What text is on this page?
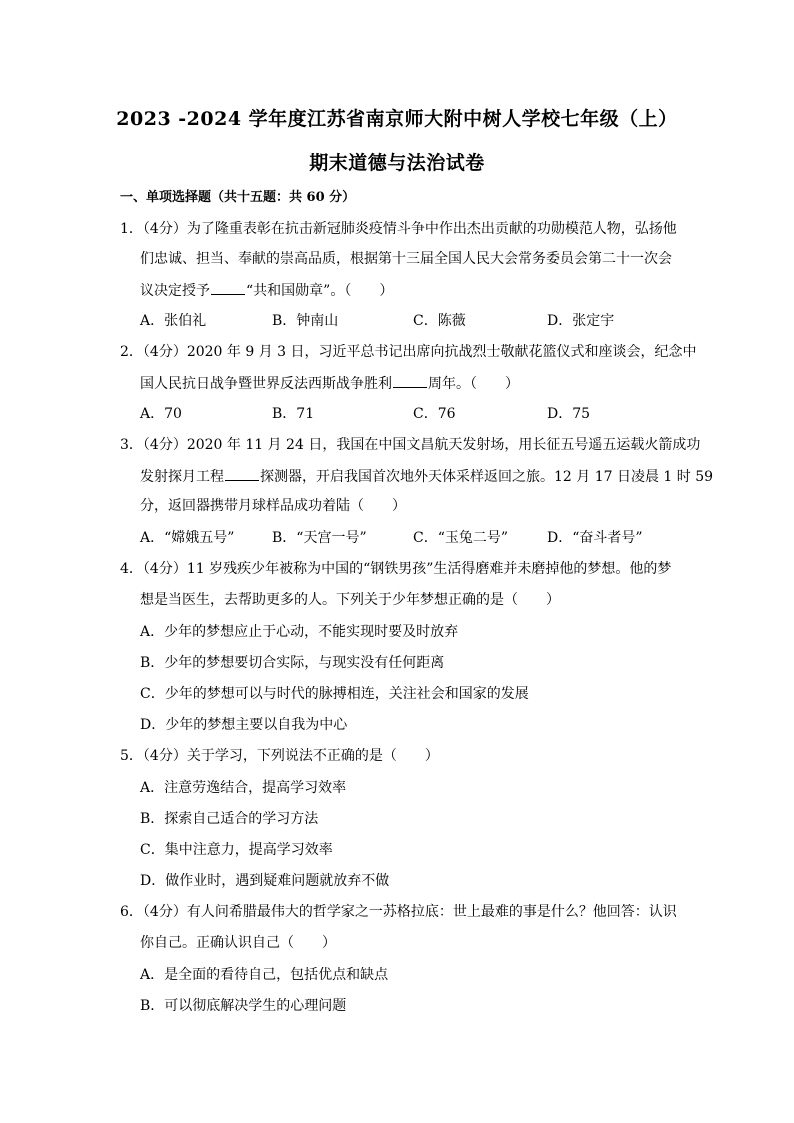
2023 -2024 学年度江苏省南京师大附中树人学校七年级（上）
期末道德与法治试卷
一、单项选择题（共十五题：共 60 分）
1．（4分）为了隆重表彰在抗击新冠肺炎疫情斗争中作出杰出贡献的功勋模范人物，弘扬他
们忠诚、担当、奉献的崇高品质，根据第十三届全国人民大会常务委员会第二十一次会
议决定授予	“共和国勋章”。（　　）
A．张伯礼	B．钟南山	C．陈薇	D．张定宇
2．（4分）2020 年 9 月 3 日，习近平总书记出席向抗战烈士敬献花篮仪式和座谈会，纪念中
国人民抗日战争暨世界反法西斯战争胜利	周年。（　　）
A．70	B．71	C．76	D．75
3．（4分）2020 年 11 月 24 日，我国在中国文昌航天发射场，用长征五号遥五运载火箭成功
发射探月工程	探测器，开启我国首次地外天体采样返回之旅。12 月 17 日凌晨 1 时 59
分，返回器携带月球样品成功着陆（　　）
A．“嫦娥五号”	B．“天宫一号”	C．“玉兔二号”	D．“奋斗者号”
4．（4分）11 岁残疾少年被称为中国的“钢铁男孩”生活得磨难并未磨掉他的梦想。他的梦
想是当医生，去帮助更多的人。下列关于少年梦想正确的是（　　）
A．少年的梦想应止于心动，不能实现时要及时放弃
B．少年的梦想要切合实际，与现实没有任何距离
C．少年的梦想可以与时代的脉搏相连，关注社会和国家的发展
D．少年的梦想主要以自我为中心
5．（4分）关于学习，下列说法不正确的是（　　）
A．注意劳逸结合，提高学习效率
B．探索自己适合的学习方法
C．集中注意力，提高学习效率
D．做作业时，遇到疑难问题就放弃不做
6．（4分）有人问希腊最伟大的哲学家之一苏格拉底：世上最难的事是什么？他回答：认识
你自己。正确认识自己（　　）
A．是全面的看待自己，包括优点和缺点
B．可以彻底解决学生的心理问题
